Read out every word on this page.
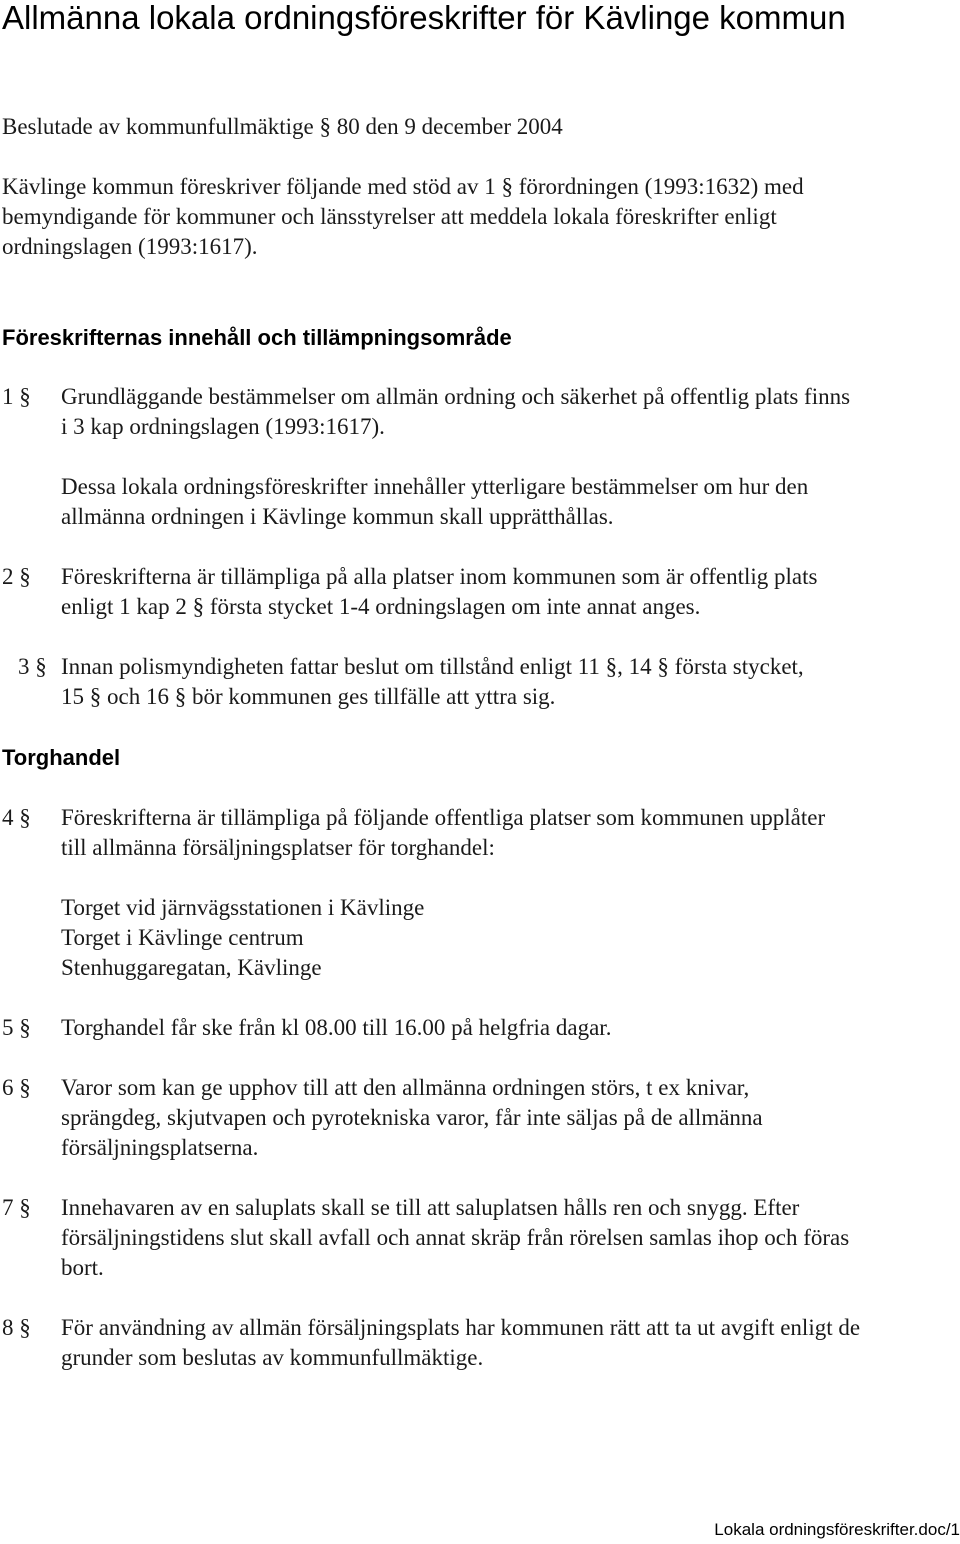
Allmänna lokala ordningsföreskrifter för Kävlinge kommun

Beslutade av kommunfullmäktige § 80 den 9 december 2004

Kävlinge kommun föreskriver följande med stöd av 1 § förordningen (1993:1632) med bemyndigande för kommuner och länsstyrelser att meddela lokala föreskrifter enligt ordningslagen (1993:1617).

Föreskrifternas innehåll och tillämpningsområde
1 § Grundläggande bestämmelser om allmän ordning och säkerhet på offentlig plats finns i 3 kap ordningslagen (1993:1617).

Dessa lokala ordningsföreskrifter innehåller ytterligare bestämmelser om hur den allmänna ordningen i Kävlinge kommun skall upprätthållas.

2 § Föreskrifterna är tillämpliga på alla platser inom kommunen som är offentlig plats enligt 1 kap 2 § första stycket 1-4 ordningslagen om inte annat anges.

3 § Innan polismyndigheten fattar beslut om tillstånd enligt 11 §, 14 § första stycket, 15 § och 16 § bör kommunen ges tillfälle att yttra sig.

Torghandel
4 § Föreskrifterna är tillämpliga på följande offentliga platser som kommunen upplåter till allmänna försäljningsplatser för torghandel:

Torget vid järnvägsstationen i Kävlinge
Torget i Kävlinge centrum
Stenhuggaregatan, Kävlinge
5 § Torghandel får ske från kl 08.00 till 16.00 på helgfria dagar.

6 § Varor som kan ge upphov till att den allmänna ordningen störs, t ex knivar, sprängdeg, skjutvapen och pyrotekniska varor, får inte säljas på de allmänna försäljningsplatserna.

7 § Innehavaren av en saluplats skall se till att saluplatsen hålls ren och snygg. Efter försäljningstidens slut skall avfall och annat skräp från rörelsen samlas ihop och föras bort.

8 § För användning av allmän försäljningsplats har kommunen rätt att ta ut avgift enligt de grunder som beslutas av kommunfullmäktige.

Lokala ordningsföreskrifter.doc/1
